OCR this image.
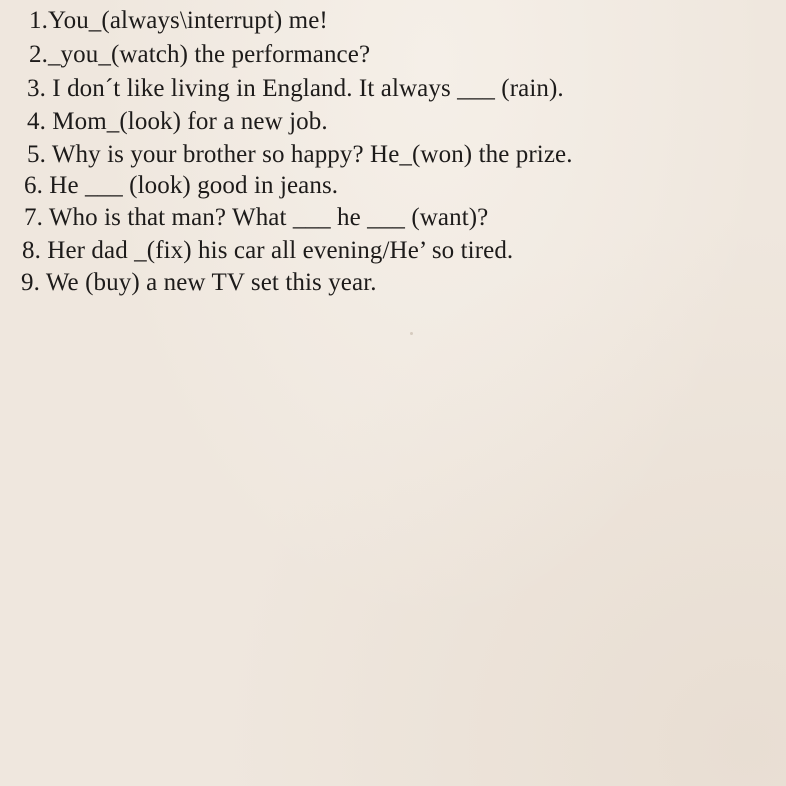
1.You_(always\interrupt) me!
2._you_(watch) the performance?
3. I don´t like living in England. It always ___ (rain).
4. Mom_(look) for a new job.
5. Why is your brother so happy? He_(won) the prize.
6. He ___ (look) good in jeans.
7. Who is that man? What ___ he ___ (want)?
8. Her dad _(fix) his car all evening/He’ so tired.
9. We (buy) a new TV set this year.
